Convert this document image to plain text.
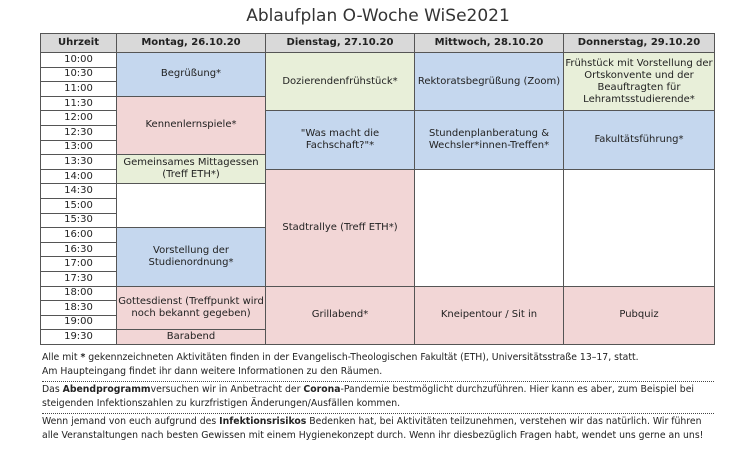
Ablaufplan O-Woche WiSe2021
Uhrzeit	Montag, 26.10.20	Dienstag, 27.10.20	Mittwoch, 28.10.20	Donnerstag, 29.10.20
10:00	Begrüßung*	Dozierendenfrühstück*	Rektoratsbegrüßung (Zoom)	Frühstück mit Vorstellung der Ortskonvente und der Beauftragten für Lehramtsstudierende*
10:30				
11:00				
11:30	Kennenlernspiele*			
12:00		"Was macht die Fachschaft?"*	Stundenplanberatung & Wechsler*innen-Treffen*	Fakultätsführung*
12:30				
13:00				
13:30	Gemeinsames Mittagessen (Treff ETH*)			
14:00		Stadtrallye (Treff ETH*)		
14:30				
15:00				
15:30				
16:00	Vorstellung der Studienordnung*			
16:30				
17:00				
17:30				
18:00	Gottesdienst (Treffpunkt wird noch bekannt gegeben)	Grillabend*	Kneipentour / Sit in	Pubquiz
18:30				
19:00				
19:30	Barabend			

Alle mit * gekennzeichneten Aktivitäten finden in der Evangelisch-Theologischen Fakultät (ETH), Universitätsstraße 13–17, statt.

Am Haupteingang findet ihr dann weitere Informationen zu den Räumen.

Das Abendprogrammversuchen wir in Anbetracht der Corona-Pandemie bestmöglicht durchzuführen. Hier kann es aber, zum Beispiel bei steigenden Infektionszahlen zu kurzfristigen Änderungen/Ausfällen kommen.

Wenn jemand von euch aufgrund des Infektionsrisikos Bedenken hat, bei Aktivitäten teilzunehmen, verstehen wir das natürlich. Wir führen alle Veranstaltungen nach besten Gewissen mit einem Hygienekonzept durch. Wenn ihr diesbezüglich Fragen habt, wendet uns gerne an uns!
